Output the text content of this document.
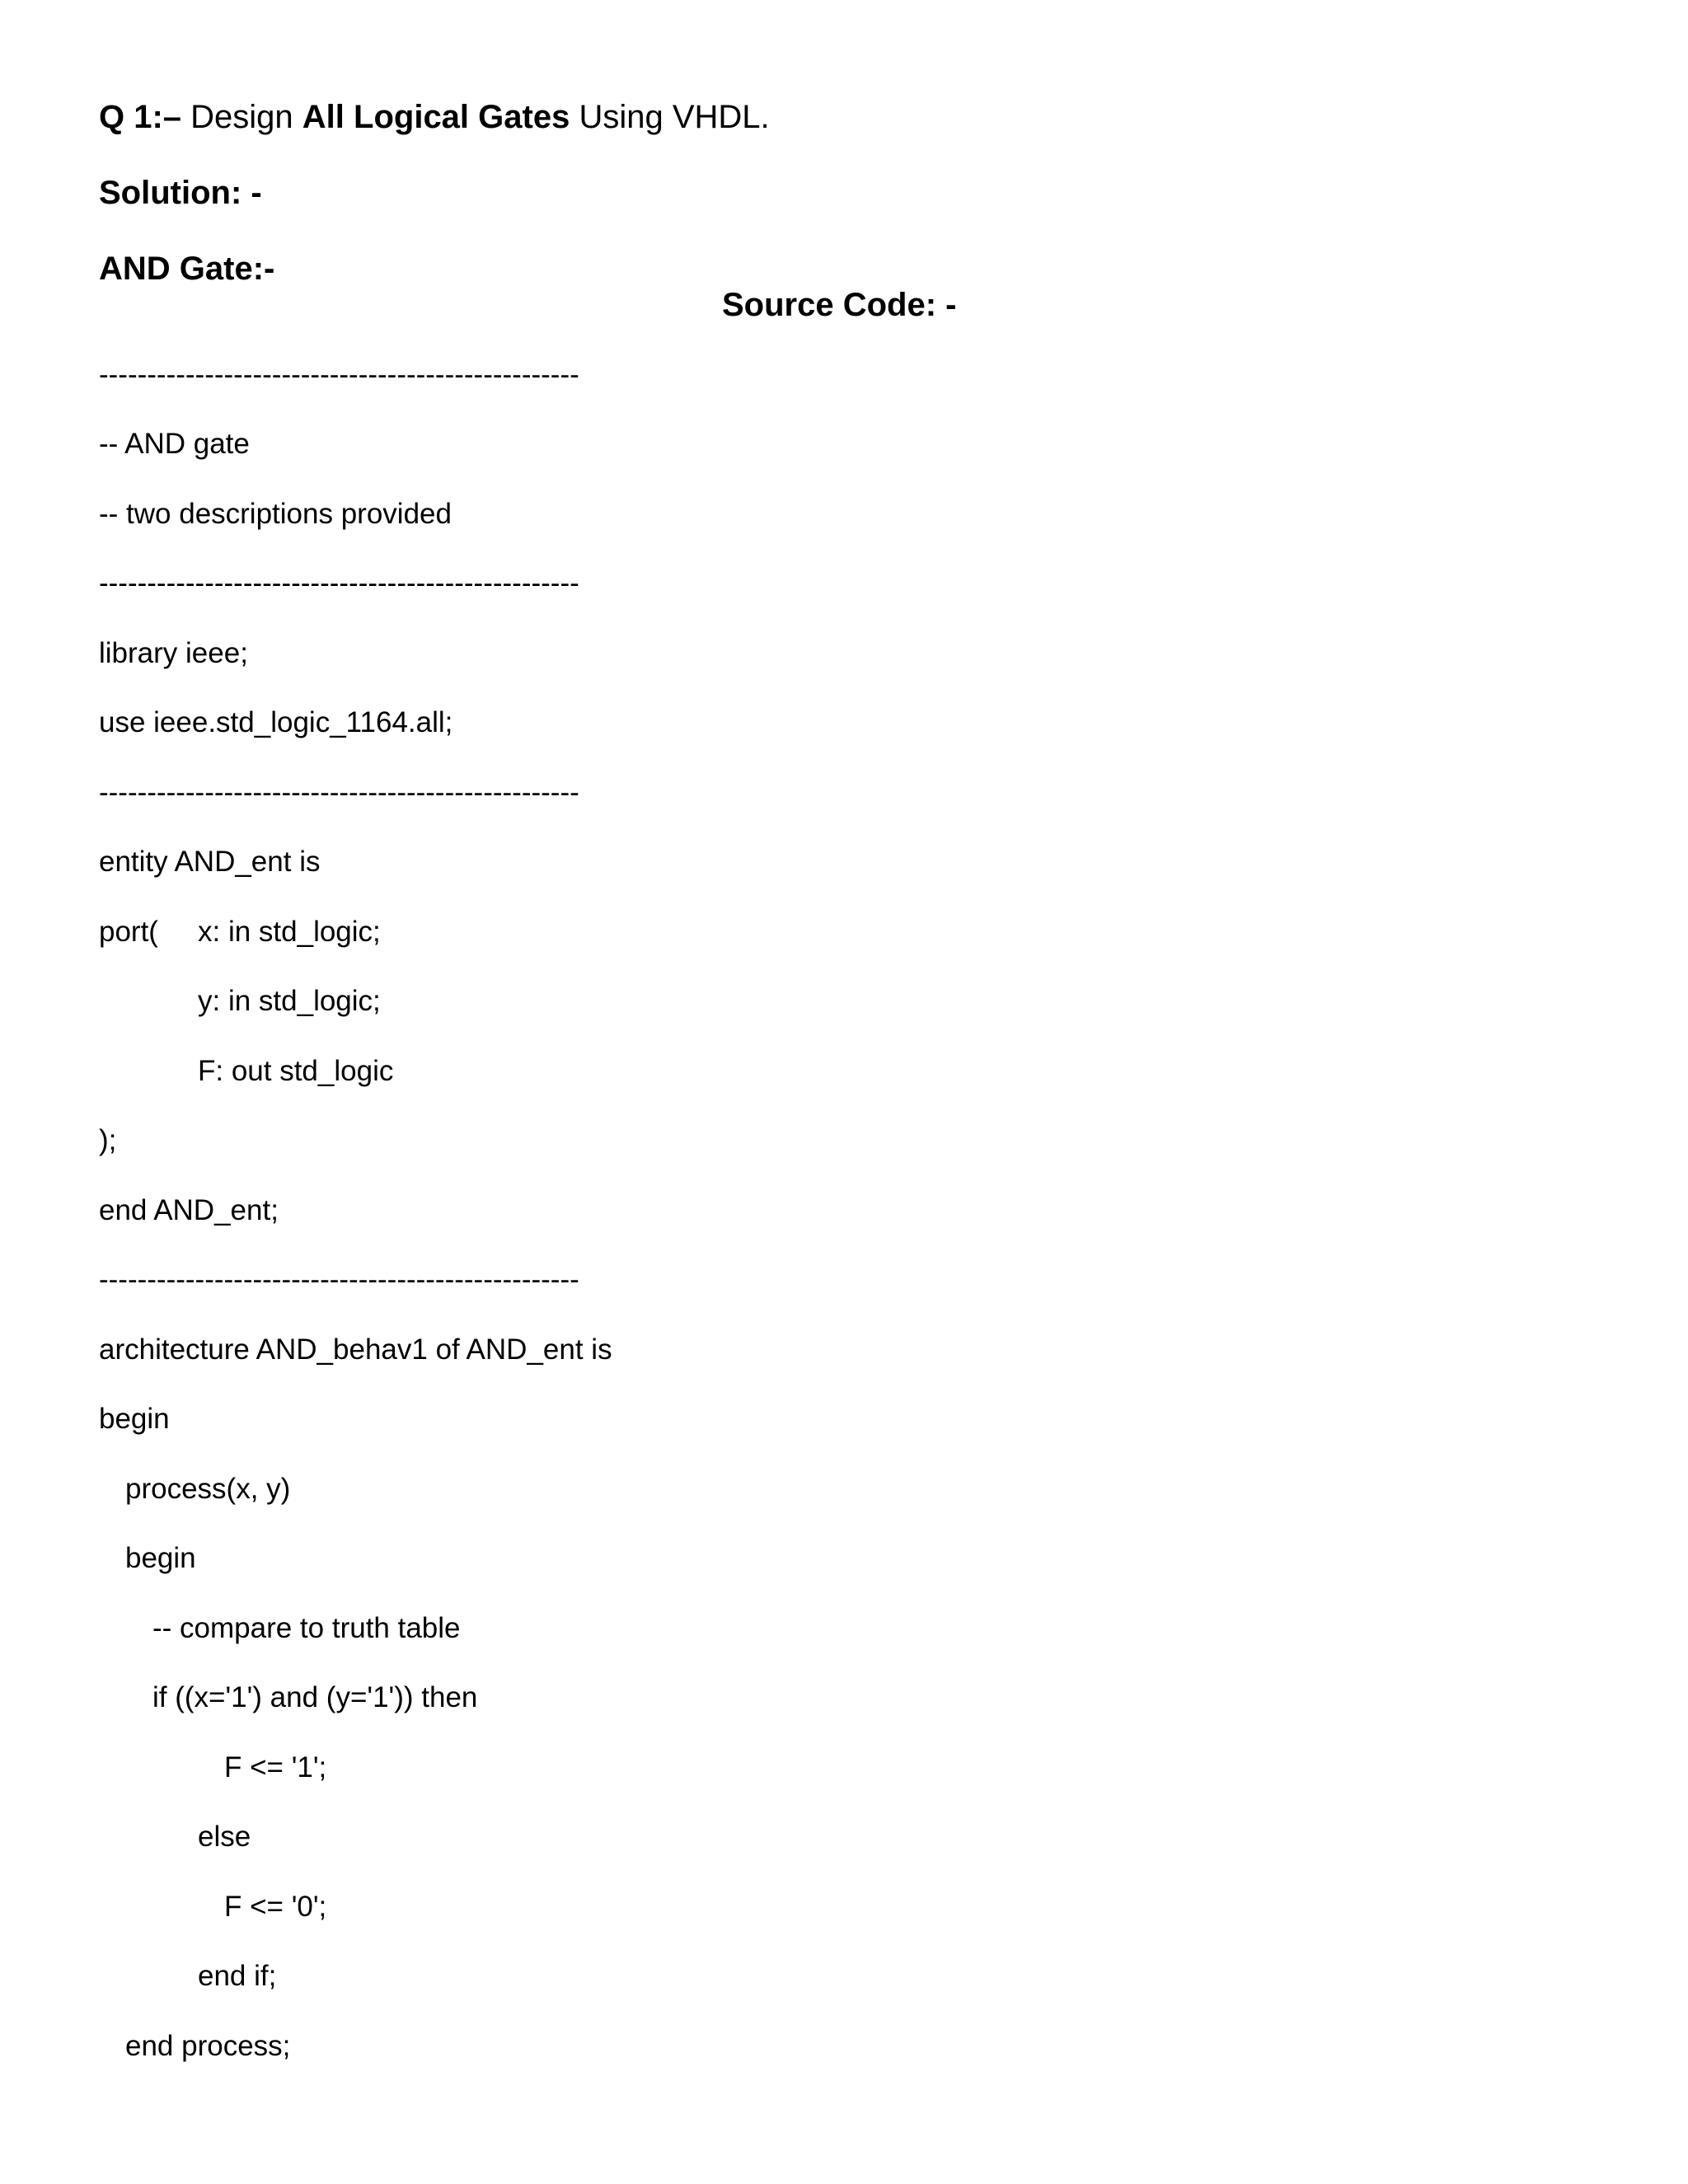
Q 1:– Design All Logical Gates Using VHDL.

Solution: -

AND Gate:-

Source Code: -

--------------------------------------------------

-- AND gate

-- two descriptions provided

--------------------------------------------------

library ieee;

use ieee.std_logic_1164.all;

--------------------------------------------------

entity AND_ent is

port( x: in std_logic;

y: in std_logic;

F: out std_logic

);

end AND_ent;

--------------------------------------------------

architecture AND_behav1 of AND_ent is

begin

process(x, y)

begin

-- compare to truth table

if ((x='1') and (y='1')) then

F <= '1';

else

F <= '0';

end if;

end process;
